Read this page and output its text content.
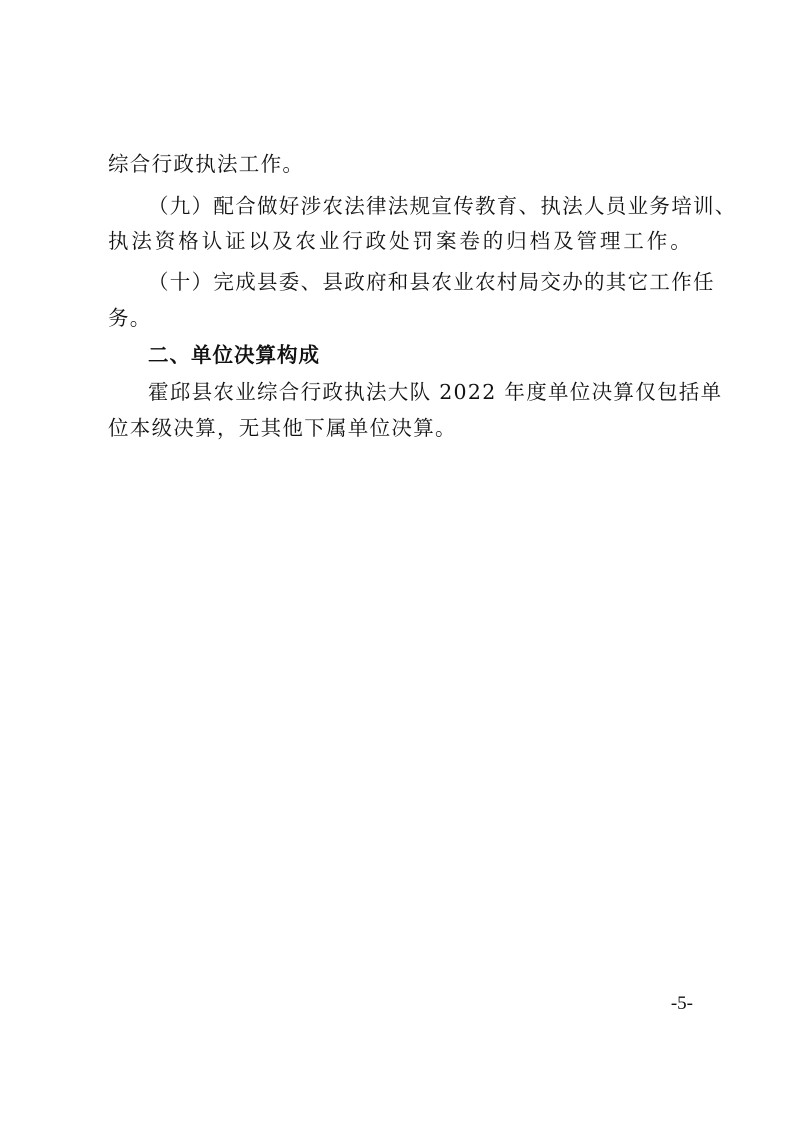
综合行政执法工作。
（九）配合做好涉农法律法规宣传教育、执法人员业务培训、
执法资格认证以及农业行政处罚案卷的归档及管理工作。
（十）完成县委、县政府和县农业农村局交办的其它工作任
务。
二、单位决算构成
霍邱县农业综合行政执法大队 2022 年度单位决算仅包括单
位本级决算，无其他下属单位决算。
-5-
